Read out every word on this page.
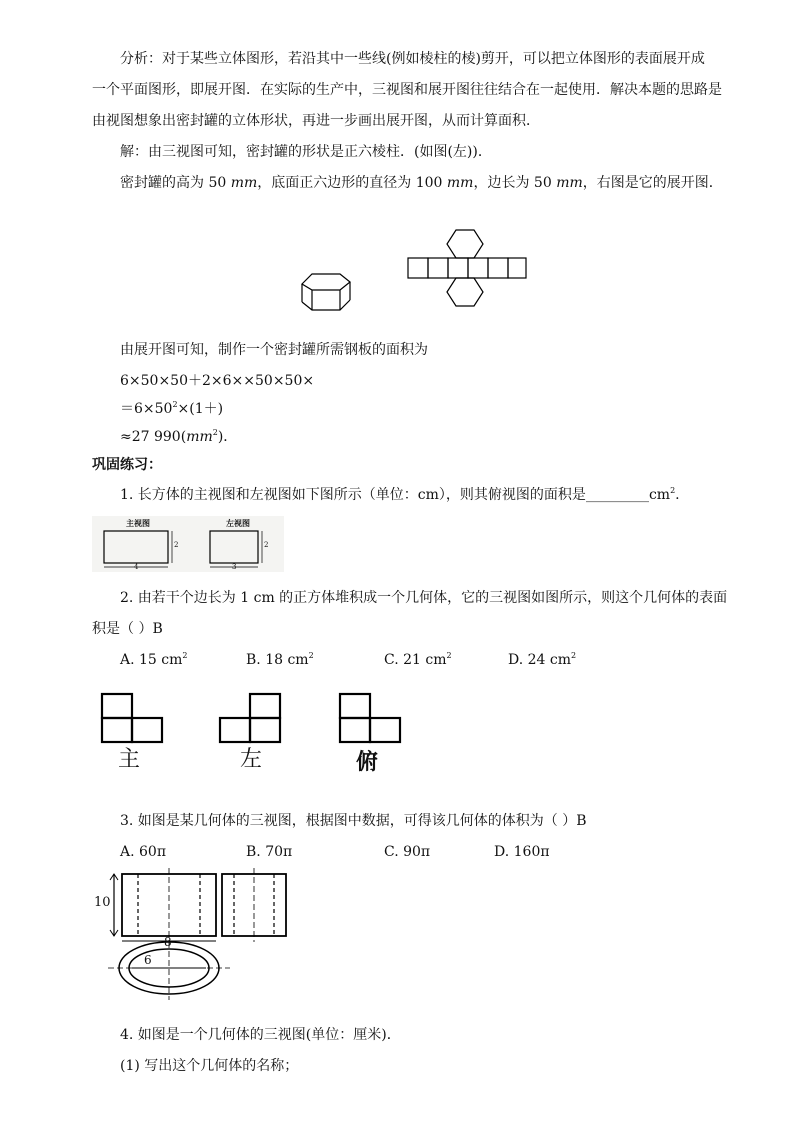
分析：对于某些立体图形，若沿其中一些线(例如棱柱的棱)剪开，可以把立体图形的表面展开成
一个平面图形，即展开图．在实际的生产中，三视图和展开图往往结合在一起使用．解决本题的思路是
由视图想象出密封罐的立体形状，再进一步画出展开图，从而计算面积．
解：由三视图可知，密封罐的形状是正六棱柱．(如图(左))．
密封罐的高为 50 mm，底面正六边形的直径为 100 mm，边长为 50 mm，右图是它的展开图．
由展开图可知，制作一个密封罐所需钢板的面积为
6×50×50＋2×6××50×50×
$=6\times 50^2\times(1+)$
≈27 $990(mm^2)$．
巩固练习：
1. 长方体的主视图和左视图如下图所示（单位：cm），则其俯视图的面积是$\_\_\_\_\_\_\_\_\_cm^2$.
主视图	左视图
2
4
2
3
2. 由若干个边长为 1 cm 的正方体堆积成一个几何体，它的三视图如图所示，则这个几何体的表面
积是（ ）B
A. 15 $cm^2$	B. 18 $cm^2$	C. 21 $cm^2$	D. 24 $cm^2$
主	左	俯
3. 如图是某几何体的三视图，根据图中数据，可得该几何体的体积为（ ）B
A. 60π	B. 70π	C. 90π	D. 160π
10
8
6
4. 如图是一个几何体的三视图(单位：厘米)．
(1) 写出这个几何体的名称；
